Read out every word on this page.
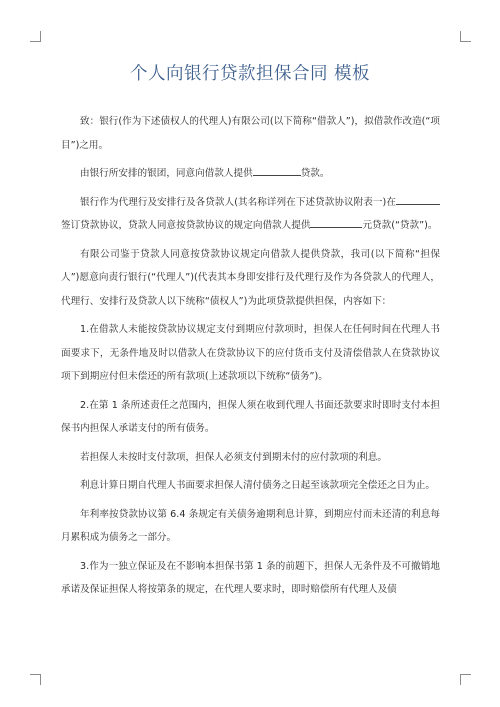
个人向银行贷款担保合同 模板

致：银行(作为下述债权人的代理人)有限公司(以下简称“借款人”)，拟借款作改造(“项目”)之用。

由银行所安排的银团，同意向借款人提供	贷款。

银行作为代理行及安排行及各贷款人(其名称详列在下述贷款协议附表一)在签订贷款协议，贷款人同意按贷款协议的规定向借款人提供	元贷款(“贷款”)。

有限公司鉴于贷款人同意按贷款协议规定向借款人提供贷款，我司(以下简称“担保人”)愿意向责行银行(“代理人”)(代表其本身即安排行及代理行及作为各贷款人的代理人，代理行、安排行及贷款人以下统称“债权人”)为此项贷款提供担保，内容如下：

1.在借款人未能按贷款协议规定支付到期应付款项时，担保人在任何时间在代理人书面要求下，无条件地及时以借款人在贷款协议下的应付货币支付及清偿借款人在贷款协议项下到期应付但未偿还的所有款项(上述款项以下统称“债务”)。

2.在第 1 条所述责任之范围内，担保人须在收到代理人书面还款要求时即时支付本担保书内担保人承诺支付的所有债务。

若担保人未按时支付款项，担保人必须支付到期未付的应付款项的利息。

利息计算日期自代理人书面要求担保人清付债务之日起至该款项完全偿还之日为止。

年利率按贷款协议第 6.4 条规定有关债务逾期利息计算，到期应付而未还清的利息每月累积成为债务之一部分。

3.作为一独立保证及在不影响本担保书第 1 条的前题下，担保人无条件及不可撤销地承诺及保证担保人将按第条的规定，在代理人要求时，即时赔偿所有代理人及债
